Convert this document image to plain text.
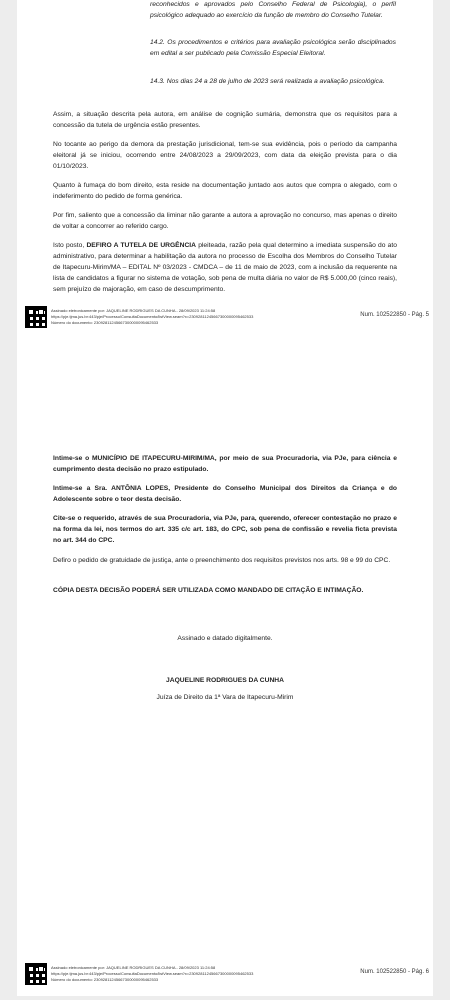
reconhecidos e aprovados pelo Conselho Federal de Psicologia), o perfil psicológico adequado ao exercício da função de membro do Conselho Tutelar.

14.2. Os procedimentos e critérios para avaliação psicológica serão disciplinados em edital a ser publicado pela Comissão Especial Eleitoral.

14.3. Nos dias 24 a 28 de julho de 2023 será realizada a avaliação psicológica.

Assim, a situação descrita pela autora, em análise de cognição sumária, demonstra que os requisitos para a concessão da tutela de urgência estão presentes.

No tocante ao perigo da demora da prestação jurisdicional, tem-se sua evidência, pois o período da campanha eleitoral já se iniciou, ocorrendo entre 24/08/2023 a 29/09/2023, com data da eleição prevista para o dia 01/10/2023.

Quanto à fumaça do bom direito, esta reside na documentação juntado aos autos que compra o alegado, com o indeferimento do pedido de forma genérica.

Por fim, saliento que a concessão da liminar não garante a autora a aprovação no concurso, mas apenas o direito de voltar a concorrer ao referido cargo.

Isto posto, DEFIRO A TUTELA DE URGÊNCIA pleiteada, razão pela qual determino a imediata suspensão do ato administrativo, para determinar a habilitação da autora no processo de Escolha dos Membros do Conselho Tutelar de Itapecuru-Mirim/MA – EDITAL Nº 03/2023 - CMDCA – de 11 de maio de 2023, com a inclusão da requerente na lista de candidatos a figurar no sistema de votação, sob pena de multa diária no valor de R$ 5.000,00 (cinco reais), sem prejuízo de majoração, em caso de descumprimento.

Assinado eletronicamente por: JAQUELINE RODRIGUES DA CUNHA - 28/09/2023 11:24:58
https://pje.tjma.jus.br:443/pje/Processo/ConsultaDocumento/listView.seam?x=23092811245667300000095462533
Número do documento: 23092811245667300000095462533
Num. 102522850 - Pág. 5

Intime-se o MUNICÍPIO DE ITAPECURU-MIRIM/MA, por meio de sua Procuradoria, via PJe, para ciência e cumprimento desta decisão no prazo estipulado.

Intime-se a Sra. ANTÔNIA LOPES, Presidente do Conselho Municipal dos Direitos da Criança e do Adolescente sobre o teor desta decisão.

Cite-se o requerido, através de sua Procuradoria, via PJe, para, querendo, oferecer contestação no prazo e na forma da lei, nos termos do art. 335 c/c art. 183, do CPC, sob pena de confissão e revelia ficta prevista no art. 344 do CPC.

Defiro o pedido de gratuidade de justiça, ante o preenchimento dos requisitos previstos nos arts. 98 e 99 do CPC.

CÓPIA DESTA DECISÃO PODERÁ SER UTILIZADA COMO MANDADO DE CITAÇÃO E INTIMAÇÃO.

Assinado e datado digitalmente.

JAQUELINE RODRIGUES DA CUNHA

Juíza de Direito da 1ª Vara de Itapecuru-Mirim

Assinado eletronicamente por: JAQUELINE RODRIGUES DA CUNHA - 28/09/2023 11:24:58
https://pje.tjma.jus.br:443/pje/Processo/ConsultaDocumento/listView.seam?x=23092811245667300000095462533
Número do documento: 23092811245667300000095462533
Num. 102522850 - Pág. 6
